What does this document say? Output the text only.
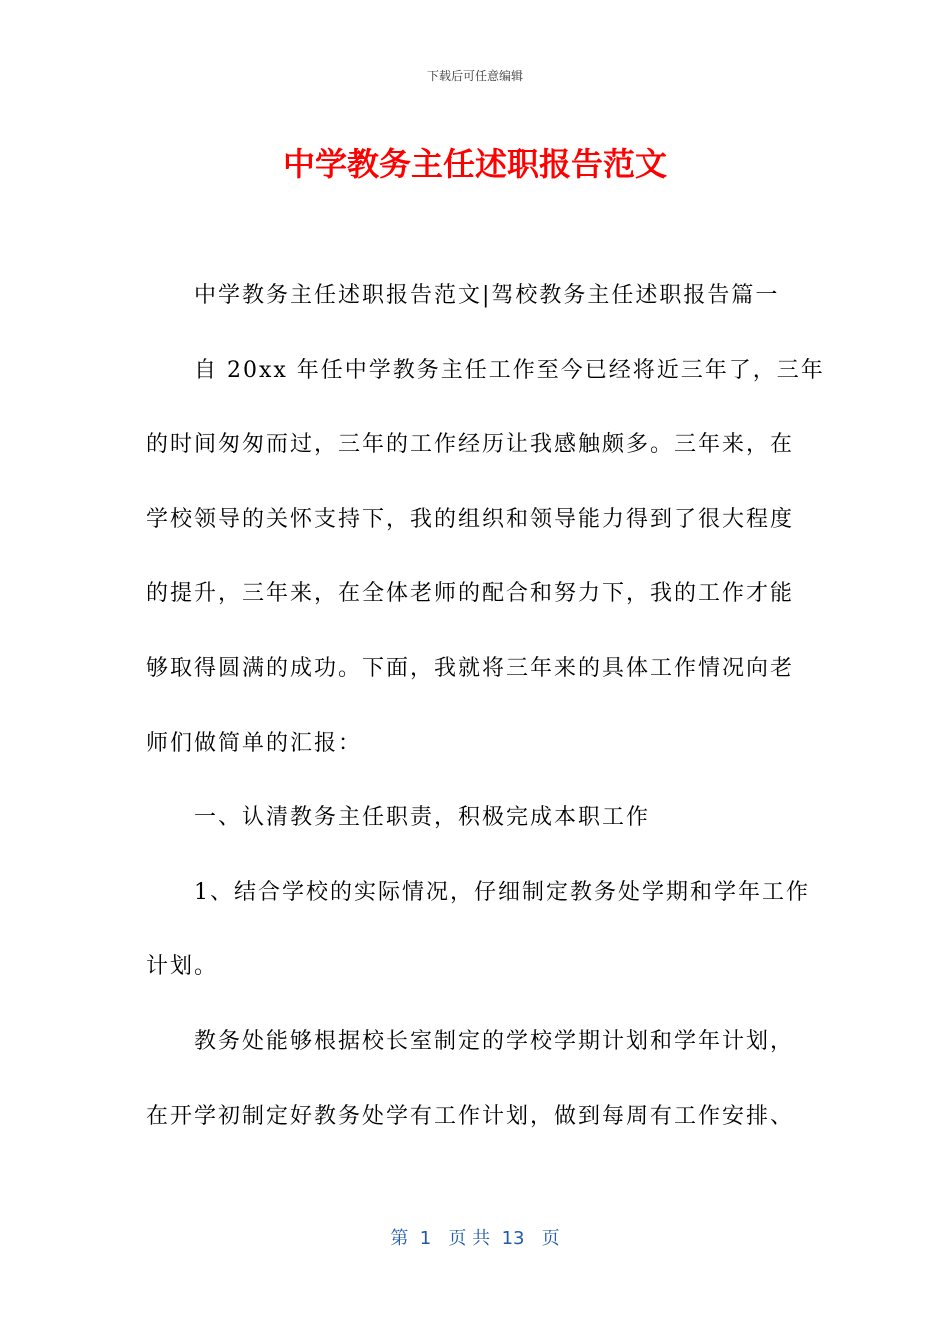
下载后可任意编辑
中学教务主任述职报告范文
中学教务主任述职报告范文|驾校教务主任述职报告篇一
自 20xx 年任中学教务主任工作至今已经将近三年了，三年
的时间匆匆而过，三年的工作经历让我感触颇多。三年来，在
学校领导的关怀支持下，我的组织和领导能力得到了很大程度
的提升，三年来，在全体老师的配合和努力下，我的工作才能
够取得圆满的成功。下面，我就将三年来的具体工作情况向老
师们做简单的汇报：
一、认清教务主任职责，积极完成本职工作
1、结合学校的实际情况，仔细制定教务处学期和学年工作
计划。
教务处能够根据校长室制定的学校学期计划和学年计划，
在开学初制定好教务处学有工作计划，做到每周有工作安排、
第  1   页 共  13   页
